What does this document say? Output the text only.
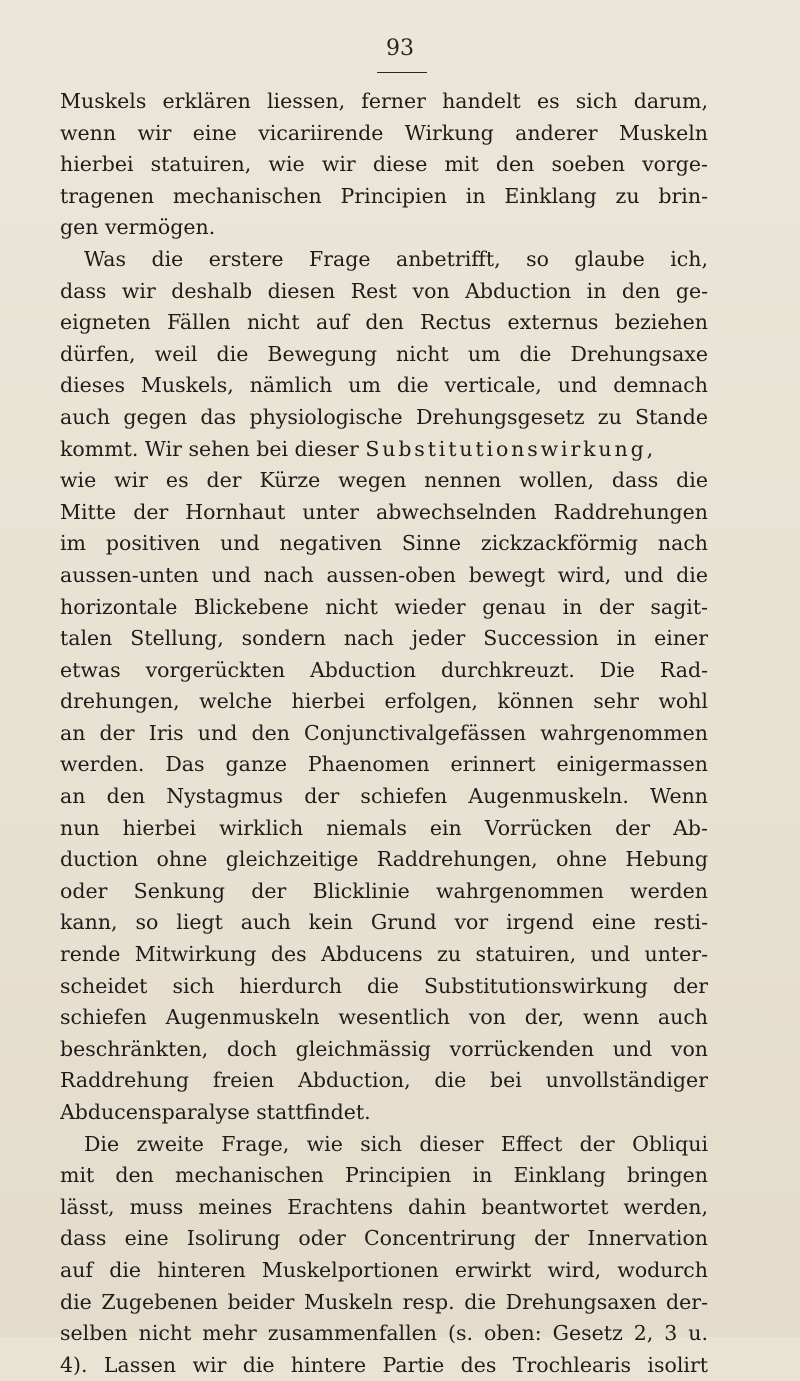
93
Muskels erklären liessen, ferner handelt es sich darum,
wenn wir eine vicariirende Wirkung anderer Muskeln
hierbei statuiren, wie wir diese mit den soeben vorge-
tragenen mechanischen Principien in Einklang zu brin-
gen vermögen.
Was die erstere Frage anbetrifft, so glaube ich,
dass wir deshalb diesen Rest von Abduction in den ge-
eigneten Fällen nicht auf den Rectus externus beziehen
dürfen, weil die Bewegung nicht um die Drehungsaxe
dieses Muskels, nämlich um die verticale, und demnach
auch gegen das physiologische Drehungsgesetz zu Stande
kommt. Wir sehen bei dieser Substitutionswirkung,
wie wir es der Kürze wegen nennen wollen, dass die
Mitte der Hornhaut unter abwechselnden Raddrehungen
im positiven und negativen Sinne zickzackförmig nach
aussen-unten und nach aussen-oben bewegt wird, und die
horizontale Blickebene nicht wieder genau in der sagit-
talen Stellung, sondern nach jeder Succession in einer
etwas vorgerückten Abduction durchkreuzt. Die Rad-
drehungen, welche hierbei erfolgen, können sehr wohl
an der Iris und den Conjunctivalgefässen wahrgenommen
werden. Das ganze Phaenomen erinnert einigermassen
an den Nystagmus der schiefen Augenmuskeln. Wenn
nun hierbei wirklich niemals ein Vorrücken der Ab-
duction ohne gleichzeitige Raddrehungen, ohne Hebung
oder Senkung der Blicklinie wahrgenommen werden
kann, so liegt auch kein Grund vor irgend eine resti-
rende Mitwirkung des Abducens zu statuiren, und unter-
scheidet sich hierdurch die Substitutionswirkung der
schiefen Augenmuskeln wesentlich von der, wenn auch
beschränkten, doch gleichmässig vorrückenden und von
Raddrehung freien Abduction, die bei unvollständiger
Abducensparalyse stattfindet.
Die zweite Frage, wie sich dieser Effect der Obliqui
mit den mechanischen Principien in Einklang bringen
lässt, muss meines Erachtens dahin beantwortet werden,
dass eine Isolirung oder Concentrirung der Innervation
auf die hinteren Muskelportionen erwirkt wird, wodurch
die Zugebenen beider Muskeln resp. die Drehungsaxen der-
selben nicht mehr zusammenfallen (s. oben: Gesetz 2, 3 u.
4). Lassen wir die hintere Partie des Trochlearis isolirt
